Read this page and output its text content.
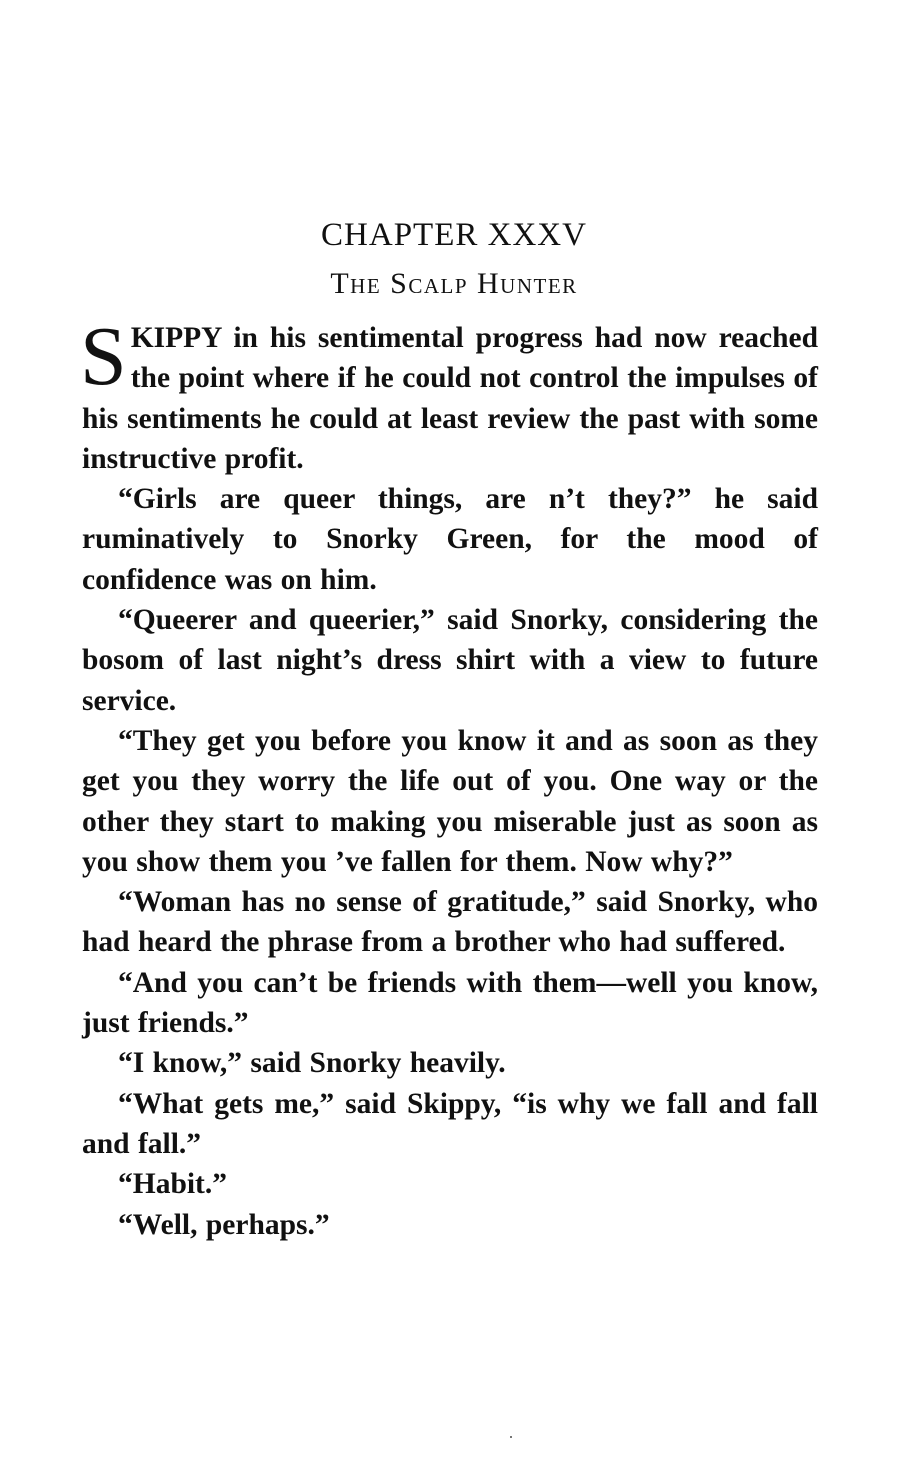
CHAPTER XXXV
The Scalp Hunter

SKIPPY in his sentimental progress had now reached the point where if he could not control the impulses of his sentiments he could at least review the past with some instructive profit.

“Girls are queer things, are n’t they?” he said ruminatively to Snorky Green, for the mood of confidence was on him.

“Queerer and queerier,” said Snorky, considering the bosom of last night’s dress shirt with a view to future service.

“They get you before you know it and as soon as they get you they worry the life out of you. One way or the other they start to making you miserable just as soon as you show them you ’ve fallen for them. Now why?”

“Woman has no sense of gratitude,” said Snorky, who had heard the phrase from a brother who had suffered.

“And you can’t be friends with them—well you know, just friends.”

“I know,” said Snorky heavily.

“What gets me,” said Skippy, “is why we fall and fall and fall.”

“Habit.”

“Well, perhaps.”
